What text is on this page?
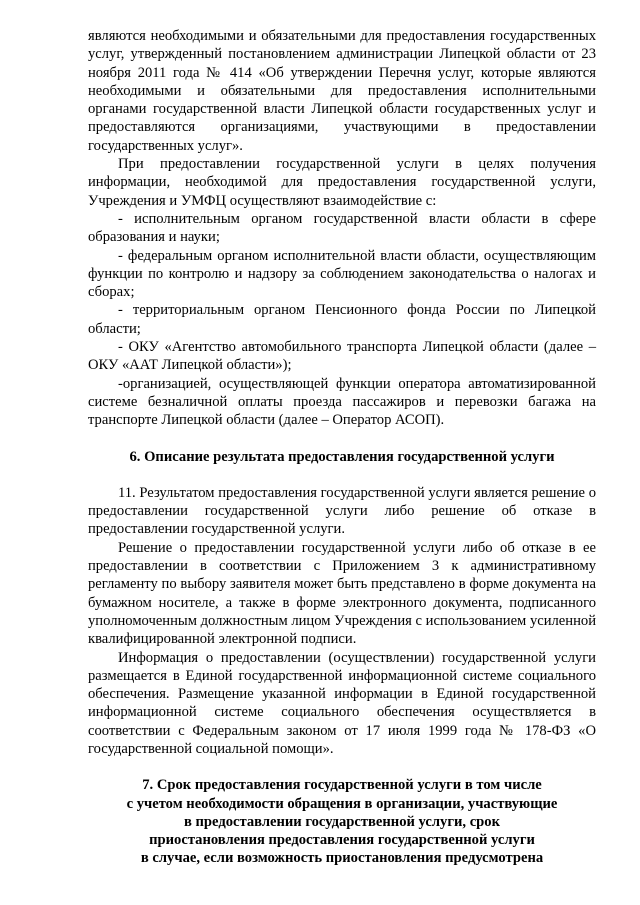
являются необходимыми и обязательными для предоставления государственных услуг, утвержденный постановлением администрации Липецкой области от 23 ноября 2011 года № 414 «Об утверждении Перечня услуг, которые являются необходимыми и обязательными для предоставления исполнительными органами государственной власти Липецкой области государственных услуг и предоставляются организациями, участвующими в предоставлении государственных услуг».

При предоставлении государственной услуги в целях получения информации, необходимой для предоставления государственной услуги, Учреждения и УМФЦ осуществляют взаимодействие с:

- исполнительным органом государственной власти области в сфере образования и науки;

- федеральным органом исполнительной власти области, осуществляющим функции по контролю и надзору за соблюдением законодательства о налогах и сборах;

- территориальным органом Пенсионного фонда России по Липецкой области;

- ОКУ «Агентство автомобильного транспорта Липецкой области (далее – ОКУ «ААТ Липецкой области»);

-организацией, осуществляющей функции оператора автоматизированной системе безналичной оплаты проезда пассажиров и перевозки багажа на транспорте Липецкой области (далее – Оператор АСОП).

6. Описание результата предоставления государственной услуги

11. Результатом предоставления государственной услуги является решение о предоставлении государственной услуги либо решение об отказе в предоставлении государственной услуги.

Решение о предоставлении государственной услуги либо об отказе в ее предоставлении в соответствии с Приложением 3 к административному регламенту по выбору заявителя может быть представлено в форме документа на бумажном носителе, а также в форме электронного документа, подписанного уполномоченным должностным лицом Учреждения с использованием усиленной квалифицированной электронной подписи.

Информация о предоставлении (осуществлении) государственной услуги размещается в Единой государственной информационной системе социального обеспечения. Размещение указанной информации в Единой государственной информационной системе социального обеспечения осуществляется в соответствии с Федеральным законом от 17 июля 1999 года № 178-ФЗ «О государственной социальной помощи».

7. Срок предоставления государственной услуги в том числе
с учетом необходимости обращения в организации, участвующие
в предоставлении государственной услуги, срок
приостановления предоставления государственной услуги
в случае, если возможность приостановления предусмотрена
